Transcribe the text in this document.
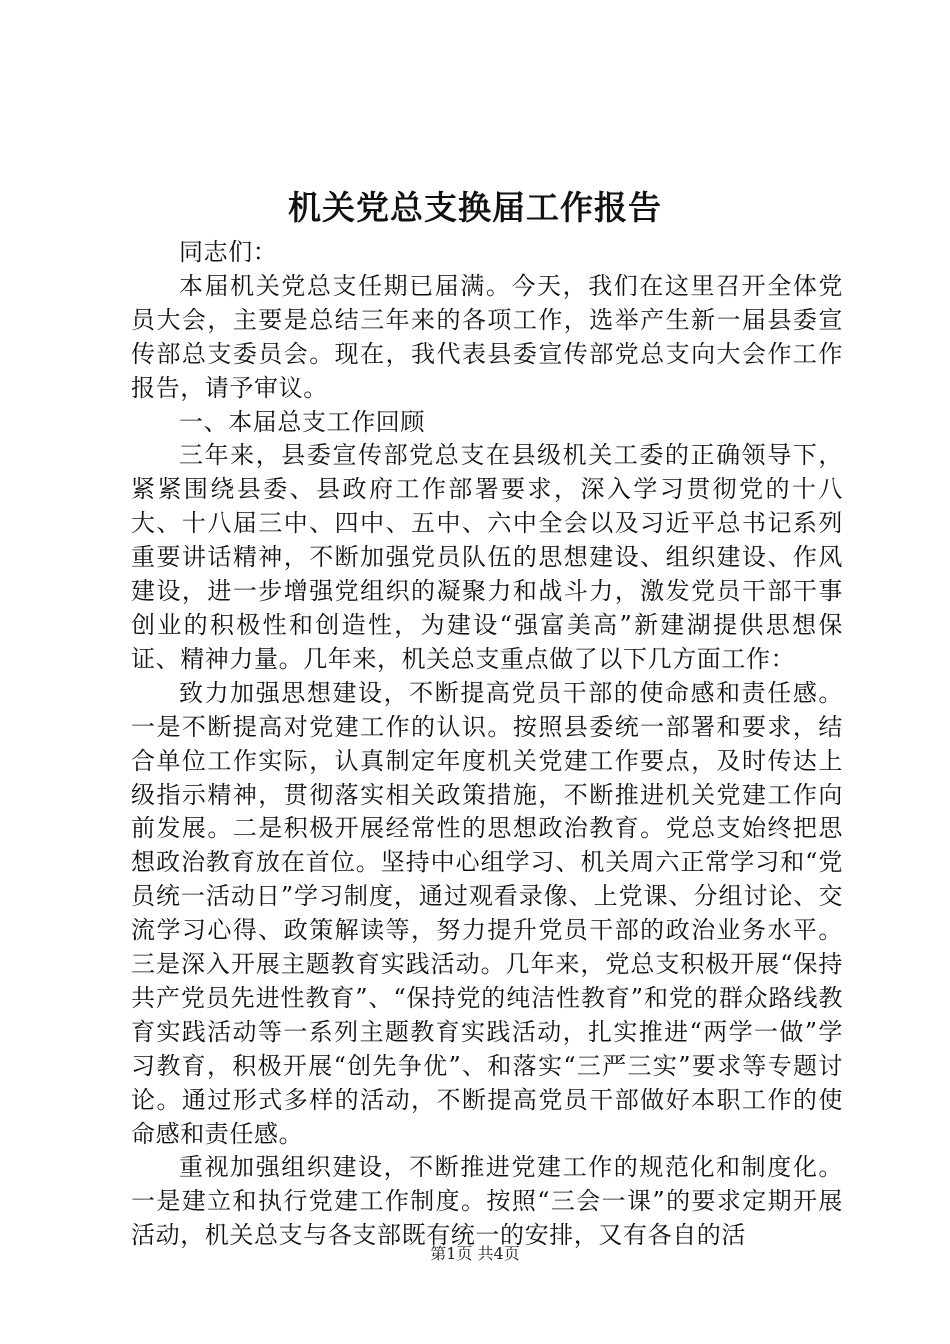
机关党总支换届工作报告

同志们：

本届机关党总支任期已届满。今天，我们在这里召开全体党员大会，主要是总结三年来的各项工作，选举产生新一届县委宣传部总支委员会。现在，我代表县委宣传部党总支向大会作工作报告，请予审议。

一、本届总支工作回顾

三年来，县委宣传部党总支在县级机关工委的正确领导下，紧紧围绕县委、县政府工作部署要求，深入学习贯彻党的十八大、十八届三中、四中、五中、六中全会以及习近平总书记系列重要讲话精神，不断加强党员队伍的思想建设、组织建设、作风建设，进一步增强党组织的凝聚力和战斗力，激发党员干部干事创业的积极性和创造性，为建设“强富美高”新建湖提供思想保证、精神力量。几年来，机关总支重点做了以下几方面工作：

致力加强思想建设，不断提高党员干部的使命感和责任感。一是不断提高对党建工作的认识。按照县委统一部署和要求，结合单位工作实际，认真制定年度机关党建工作要点，及时传达上级指示精神，贯彻落实相关政策措施，不断推进机关党建工作向前发展。二是积极开展经常性的思想政治教育。党总支始终把思想政治教育放在首位。坚持中心组学习、机关周六正常学习和“党员统一活动日”学习制度，通过观看录像、上党课、分组讨论、交流学习心得、政策解读等，努力提升党员干部的政治业务水平。三是深入开展主题教育实践活动。几年来，党总支积极开展“保持共产党员先进性教育”、“保持党的纯洁性教育”和党的群众路线教育实践活动等一系列主题教育实践活动，扎实推进“两学一做”学习教育，积极开展“创先争优”、和落实“三严三实”要求等专题讨论。通过形式多样的活动，不断提高党员干部做好本职工作的使命感和责任感。

重视加强组织建设，不断推进党建工作的规范化和制度化。一是建立和执行党建工作制度。按照“三会一课”的要求定期开展活动，机关总支与各支部既有统一的安排，又有各自的活

第1页 共4页
